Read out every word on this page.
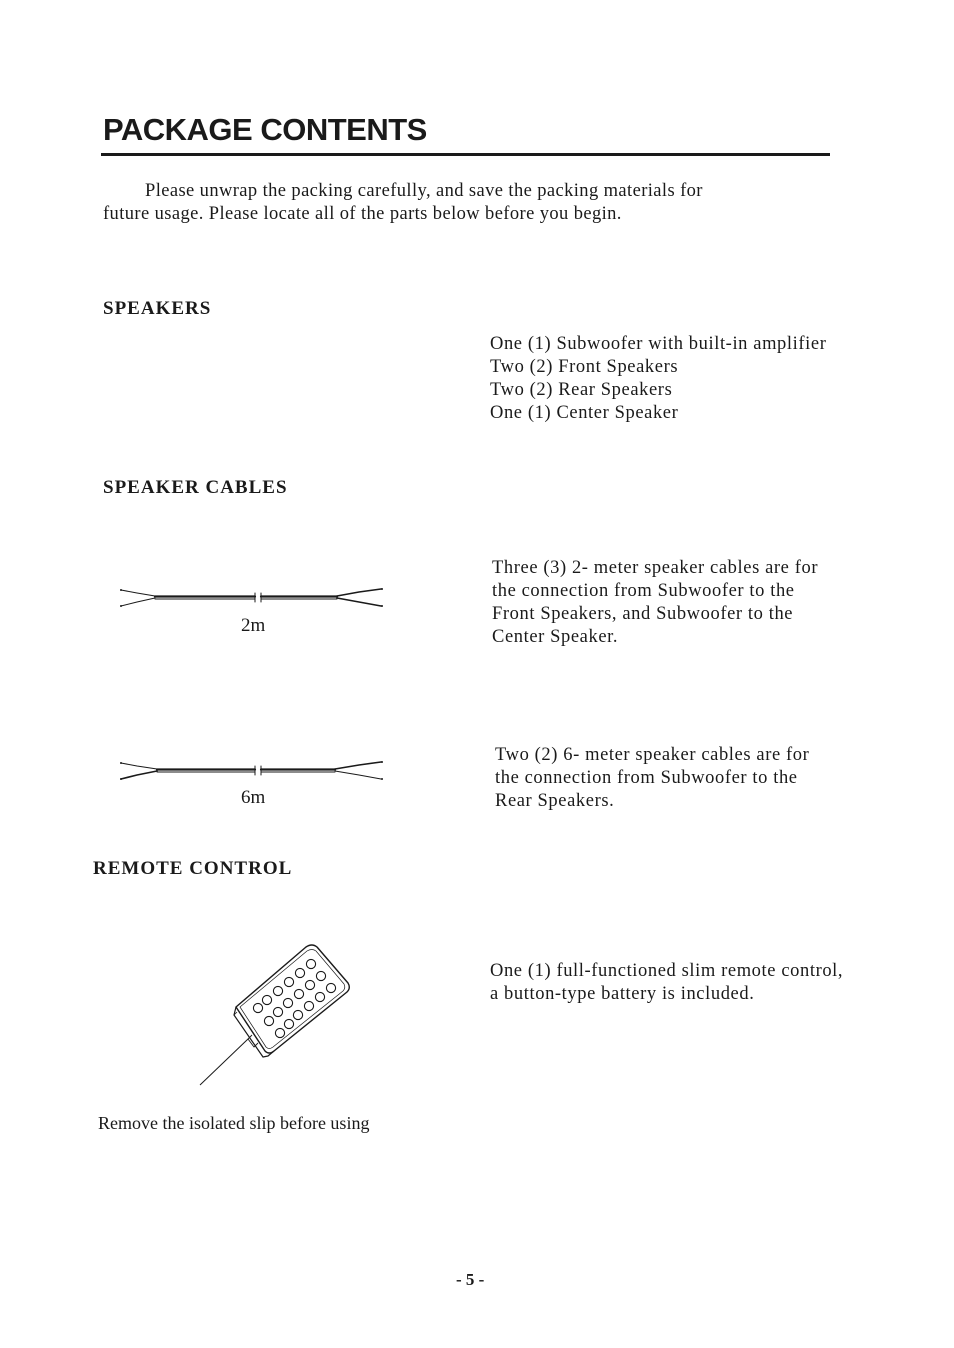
PACKAGE CONTENTS
Please unwrap the packing carefully, and save the packing materials for
future usage. Please locate all of the parts below before you begin.
SPEAKERS
One (1) Subwoofer with built-in amplifier
Two (2) Front Speakers
Two (2) Rear Speakers
One (1) Center Speaker
SPEAKER CABLES
2m
Three (3) 2- meter speaker cables are for
the connection from Subwoofer to the
Front Speakers, and Subwoofer to the
Center Speaker.
6m
Two (2) 6- meter speaker cables are for
the connection from Subwoofer to the
Rear Speakers.
REMOTE CONTROL
One (1) full-functioned slim remote control,
a button-type battery is included.
Remove the isolated slip before using
- 5 -
